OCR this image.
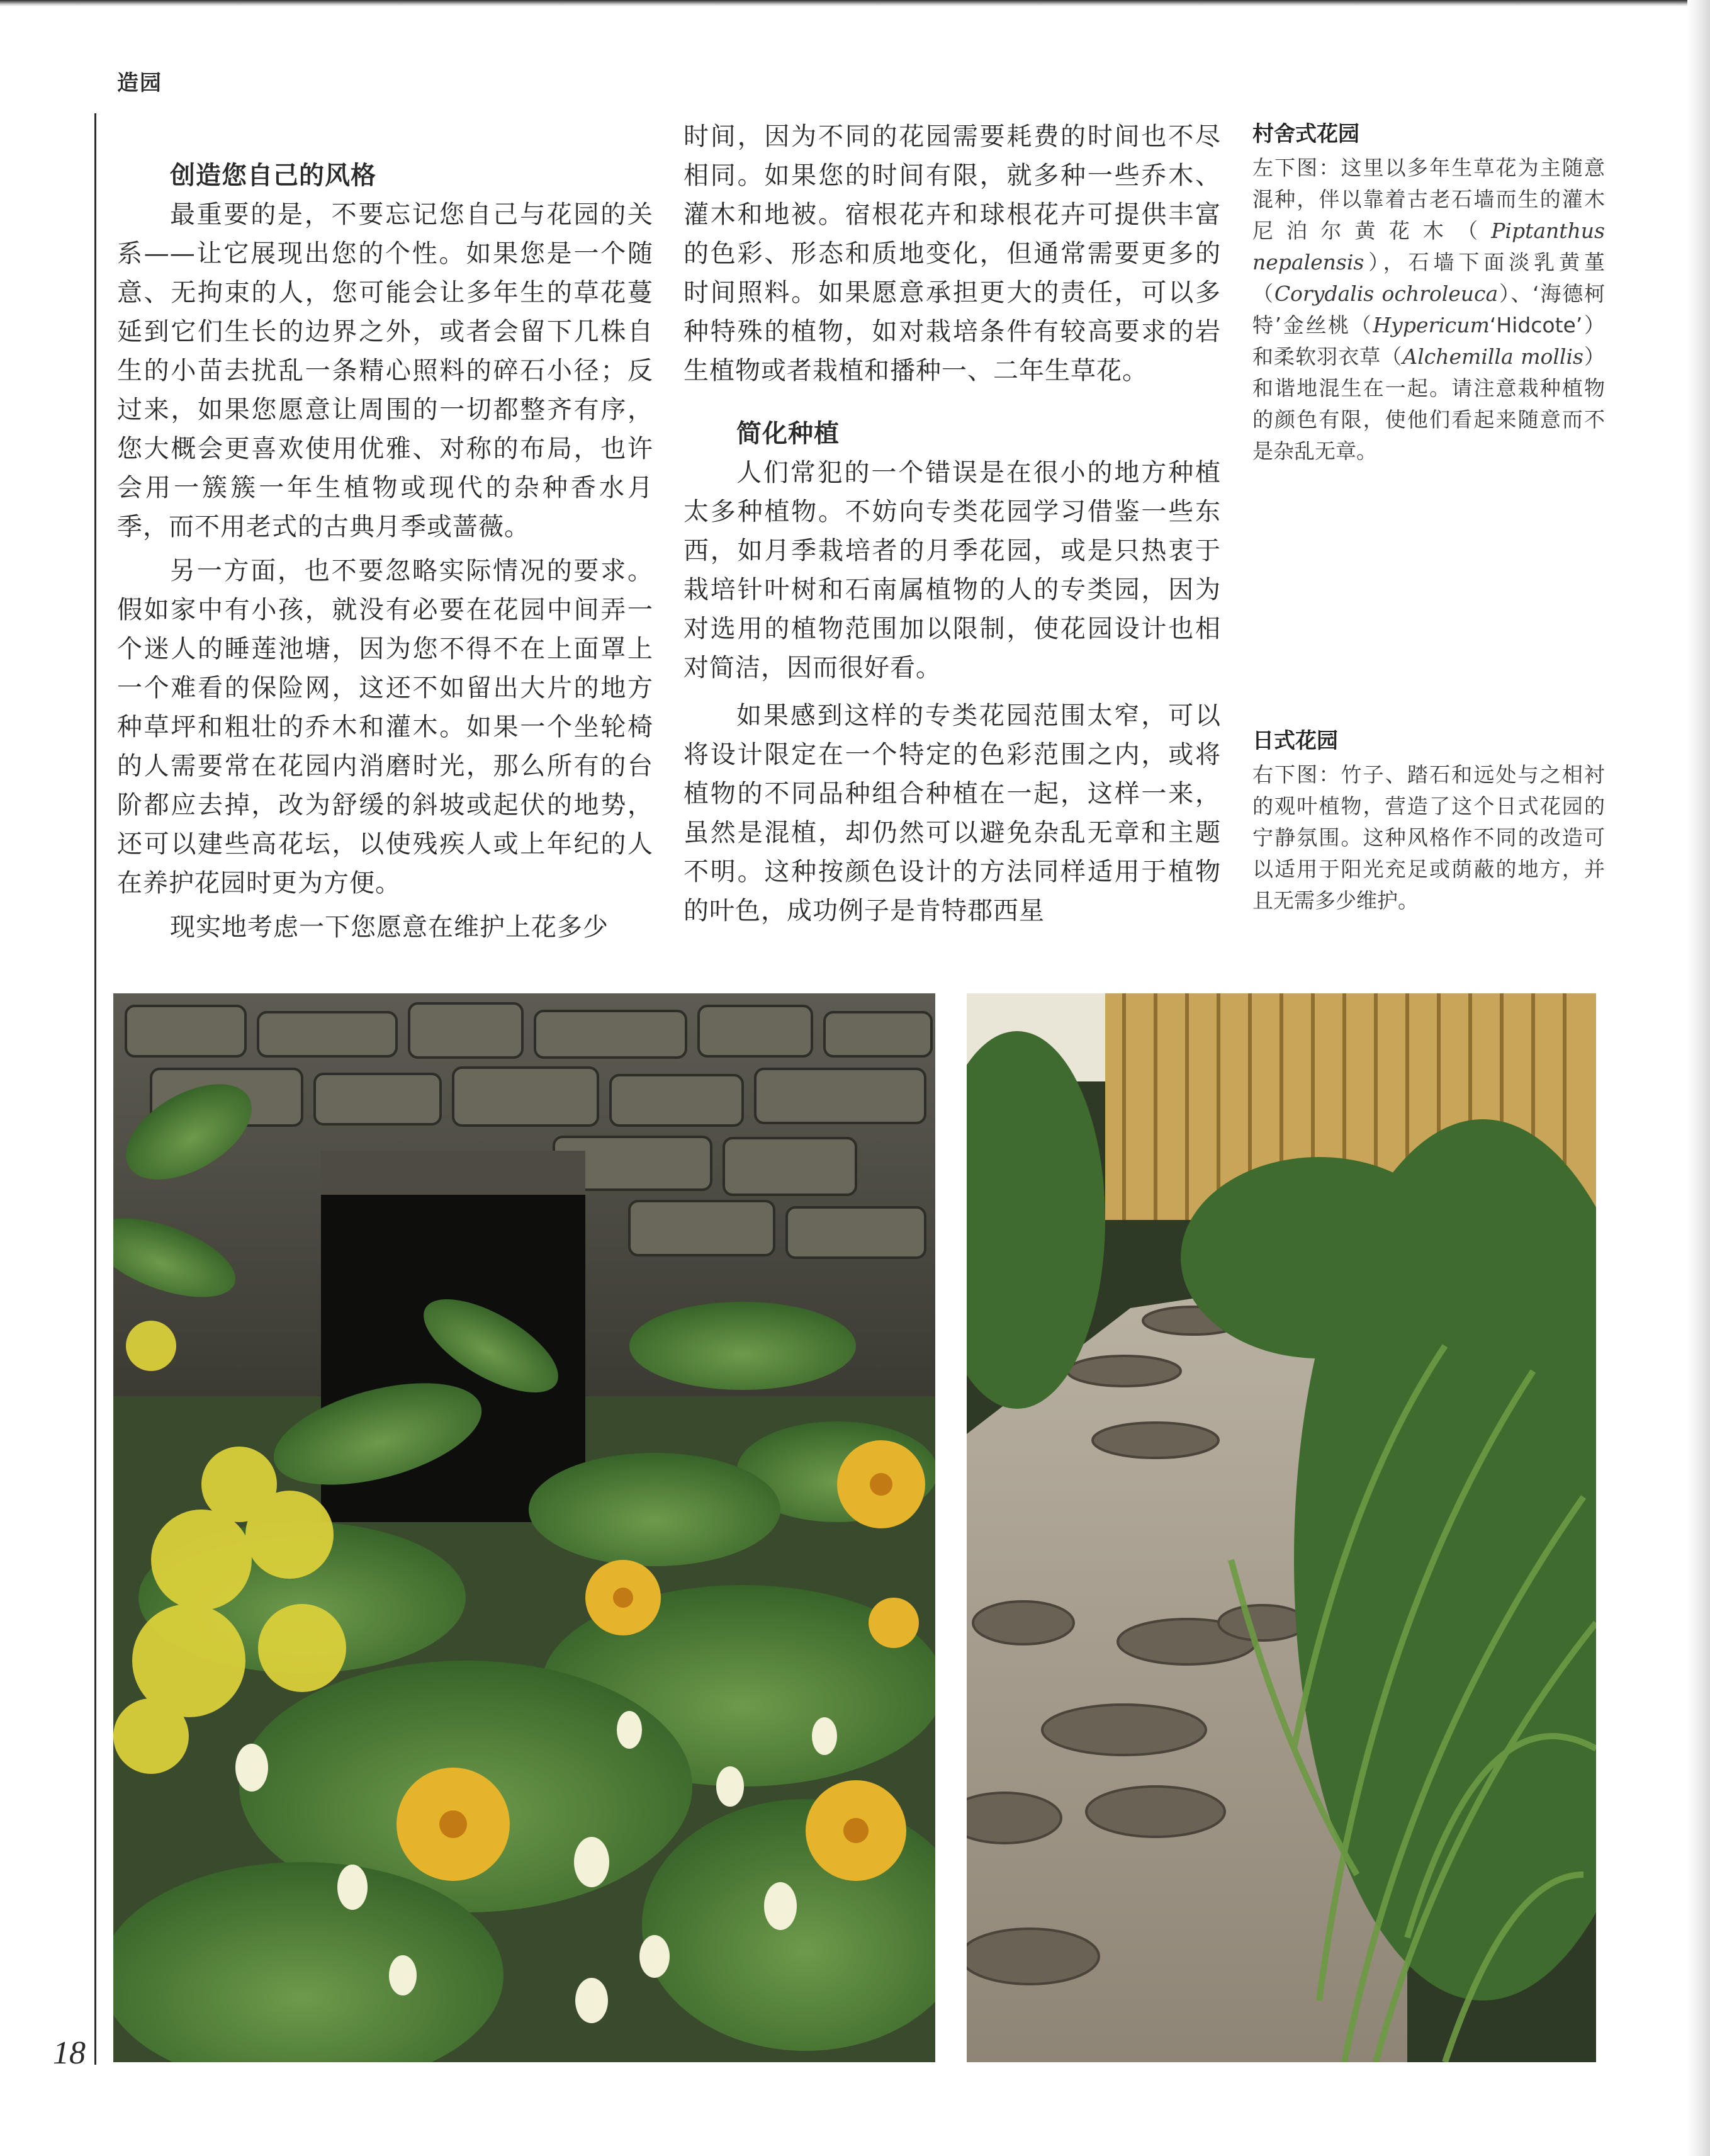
造园

创造您自己的风格

最重要的是，不要忘记您自己与花园的关系——让它展现出您的个性。如果您是一个随意、无拘束的人，您可能会让多年生的草花蔓延到它们生长的边界之外，或者会留下几株自生的小苗去扰乱一条精心照料的碎石小径；反过来，如果您愿意让周围的一切都整齐有序，您大概会更喜欢使用优雅、对称的布局，也许会用一簇簇一年生植物或现代的杂种香水月季，而不用老式的古典月季或蔷薇。

另一方面，也不要忽略实际情况的要求。假如家中有小孩，就没有必要在花园中间弄一个迷人的睡莲池塘，因为您不得不在上面罩上一个难看的保险网，这还不如留出大片的地方种草坪和粗壮的乔木和灌木。如果一个坐轮椅的人需要常在花园内消磨时光，那么所有的台阶都应去掉，改为舒缓的斜坡或起伏的地势，还可以建些高花坛，以使残疾人或上年纪的人在养护花园时更为方便。

现实地考虑一下您愿意在维护上花多少

时间，因为不同的花园需要耗费的时间也不尽相同。如果您的时间有限，就多种一些乔木、灌木和地被。宿根花卉和球根花卉可提供丰富的色彩、形态和质地变化，但通常需要更多的时间照料。如果愿意承担更大的责任，可以多种特殊的植物，如对栽培条件有较高要求的岩生植物或者栽植和播种一、二年生草花。

简化种植

人们常犯的一个错误是在很小的地方种植太多种植物。不妨向专类花园学习借鉴一些东西，如月季栽培者的月季花园，或是只热衷于栽培针叶树和石南属植物的人的专类园，因为对选用的植物范围加以限制，使花园设计也相对简洁，因而很好看。

如果感到这样的专类花园范围太窄，可以将设计限定在一个特定的色彩范围之内，或将植物的不同品种组合种植在一起，这样一来，虽然是混植，却仍然可以避免杂乱无章和主题不明。这种按颜色设计的方法同样适用于植物的叶色，成功例子是肯特郡西星

村舍式花园

左下图：这里以多年生草花为主随意混种，伴以靠着古老石墙而生的灌木尼泊尔黄花木（Piptanthus nepalensis），石墙下面淡乳黄堇（Corydalis ochroleuca）、‘海德柯特’金丝桃（Hypericum‘Hidcote’）和柔软羽衣草（Alchemilla mollis）和谐地混生在一起。请注意栽种植物的颜色有限，使他们看起来随意而不是杂乱无章。

日式花园

右下图：竹子、踏石和远处与之相衬的观叶植物，营造了这个日式花园的宁静氛围。这种风格作不同的改造可以适用于阳光充足或荫蔽的地方，并且无需多少维护。

18
